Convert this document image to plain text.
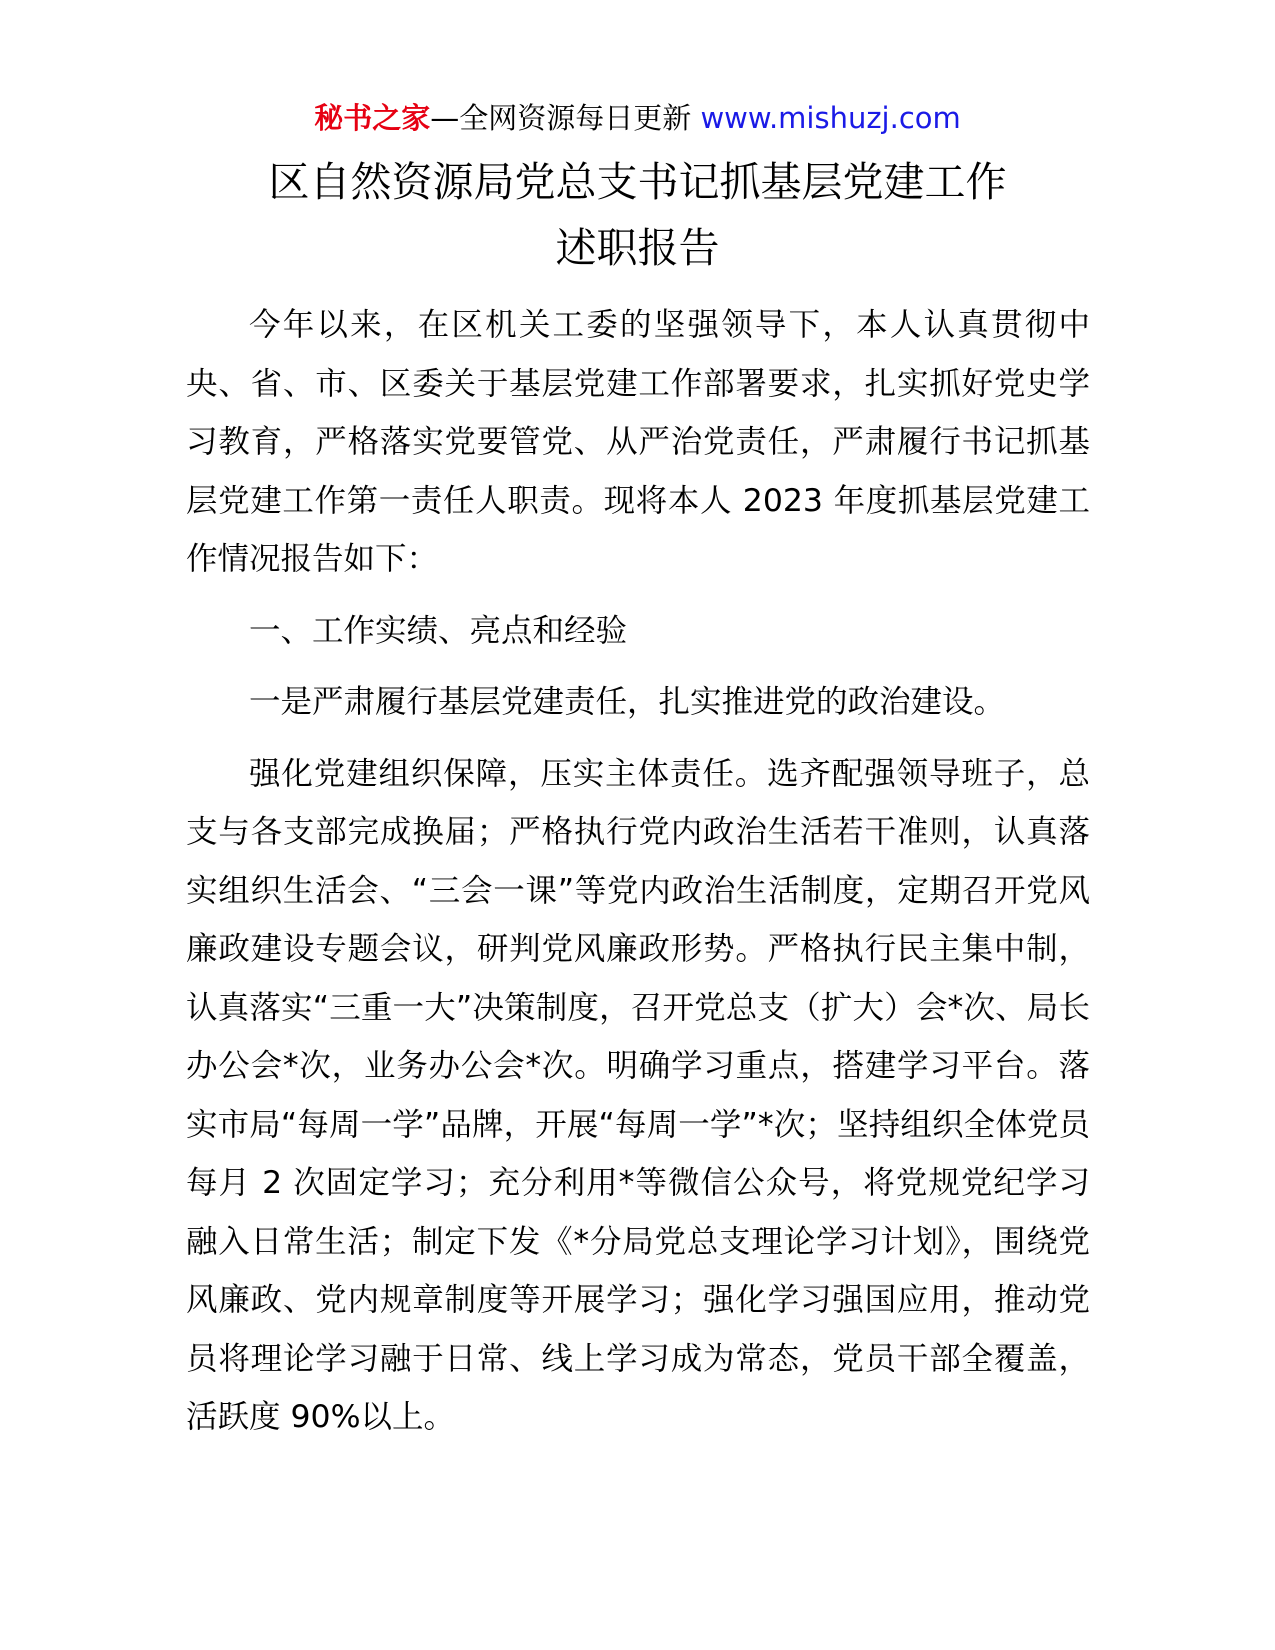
秘书之家—全网资源每日更新 www.mishuzj.com
区自然资源局党总支书记抓基层党建工作
述职报告

今年以来，在区机关工委的坚强领导下，本人认真贯彻中央、省、市、区委关于基层党建工作部署要求，扎实抓好党史学习教育，严格落实党要管党、从严治党责任，严肃履行书记抓基层党建工作第一责任人职责。现将本人 2023 年度抓基层党建工作情况报告如下：

一、工作实绩、亮点和经验

一是严肃履行基层党建责任，扎实推进党的政治建设。

强化党建组织保障，压实主体责任。选齐配强领导班子，总支与各支部完成换届；严格执行党内政治生活若干准则，认真落实组织生活会、“三会一课”等党内政治生活制度，定期召开党风廉政建设专题会议，研判党风廉政形势。严格执行民主集中制，认真落实“三重一大”决策制度，召开党总支（扩大）会*次、局长办公会*次，业务办公会*次。明确学习重点，搭建学习平台。落实市局“每周一学”品牌，开展“每周一学”*次；坚持组织全体党员每月 2 次固定学习；充分利用*等微信公众号，将党规党纪学习融入日常生活；制定下发《*分局党总支理论学习计划》，围绕党风廉政、党内规章制度等开展学习；强化学习强国应用，推动党员将理论学习融于日常、线上学习成为常态，党员干部全覆盖，活跃度 90%以上。
